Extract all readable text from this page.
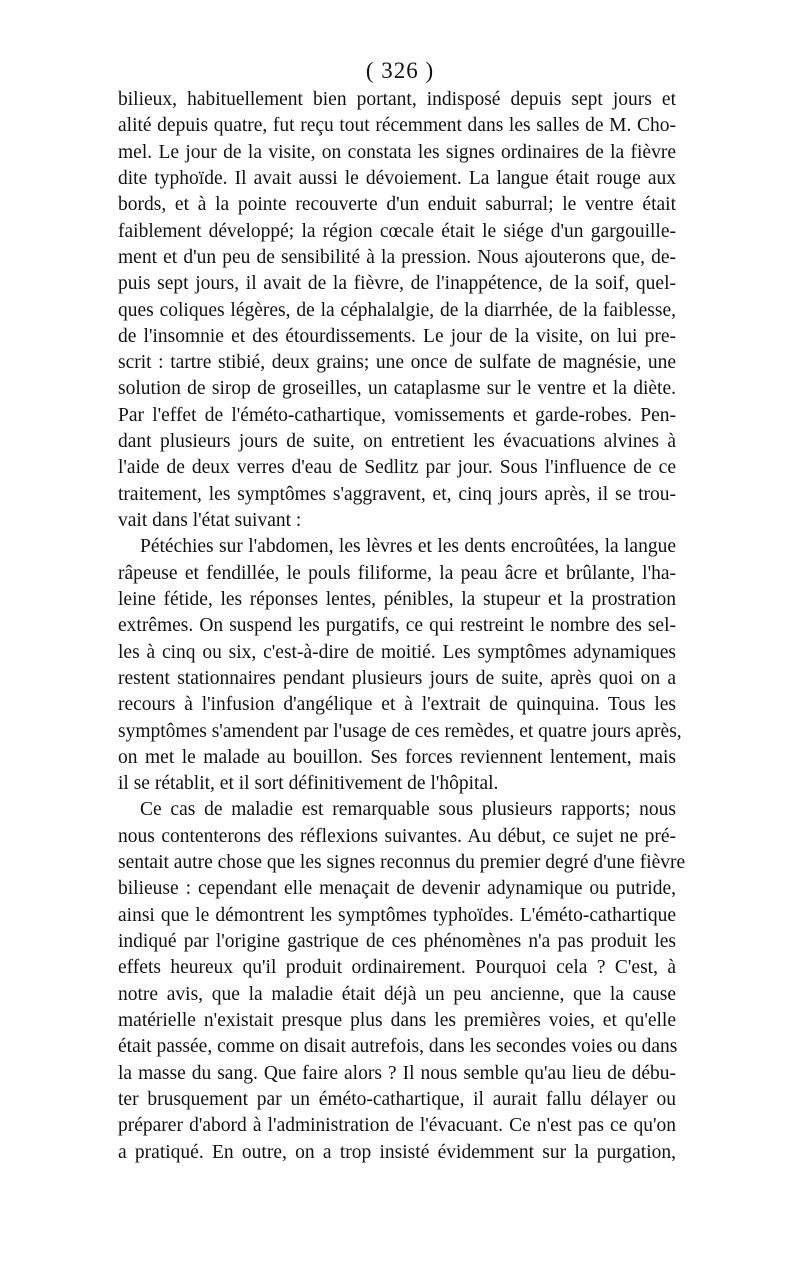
( 326 )
bilieux, habituellement bien portant, indisposé depuis sept jours et
alité depuis quatre, fut reçu tout récemment dans les salles de M. Cho-
mel. Le jour de la visite, on constata les signes ordinaires de la fièvre
dite typhoïde. Il avait aussi le dévoiement. La langue était rouge aux
bords, et à la pointe recouverte d'un enduit saburral; le ventre était
faiblement développé; la région cœcale était le siége d'un gargouille-
ment et d'un peu de sensibilité à la pression. Nous ajouterons que, de-
puis sept jours, il avait de la fièvre, de l'inappétence, de la soif, quel-
ques coliques légères, de la céphalalgie, de la diarrhée, de la faiblesse,
de l'insomnie et des étourdissements. Le jour de la visite, on lui pre-
scrit : tartre stibié, deux grains; une once de sulfate de magnésie, une
solution de sirop de groseilles, un cataplasme sur le ventre et la diète.
Par l'effet de l'éméto-cathartique, vomissements et garde-robes. Pen-
dant plusieurs jours de suite, on entretient les évacuations alvines à
l'aide de deux verres d'eau de Sedlitz par jour. Sous l'influence de ce
traitement, les symptômes s'aggravent, et, cinq jours après, il se trou-
vait dans l'état suivant :
Pétéchies sur l'abdomen, les lèvres et les dents encroûtées, la langue
râpeuse et fendillée, le pouls filiforme, la peau âcre et brûlante, l'ha-
leine fétide, les réponses lentes, pénibles, la stupeur et la prostration
extrêmes. On suspend les purgatifs, ce qui restreint le nombre des sel-
les à cinq ou six, c'est-à-dire de moitié. Les symptômes adynamiques
restent stationnaires pendant plusieurs jours de suite, après quoi on a
recours à l'infusion d'angélique et à l'extrait de quinquina. Tous les
symptômes s'amendent par l'usage de ces remèdes, et quatre jours après,
on met le malade au bouillon. Ses forces reviennent lentement, mais
il se rétablit, et il sort définitivement de l'hôpital.
Ce cas de maladie est remarquable sous plusieurs rapports; nous
nous contenterons des réflexions suivantes. Au début, ce sujet ne pré-
sentait autre chose que les signes reconnus du premier degré d'une fièvre
bilieuse : cependant elle menaçait de devenir adynamique ou putride,
ainsi que le démontrent les symptômes typhoïdes. L'éméto-cathartique
indiqué par l'origine gastrique de ces phénomènes n'a pas produit les
effets heureux qu'il produit ordinairement. Pourquoi cela ? C'est, à
notre avis, que la maladie était déjà un peu ancienne, que la cause
matérielle n'existait presque plus dans les premières voies, et qu'elle
était passée, comme on disait autrefois, dans les secondes voies ou dans
la masse du sang. Que faire alors ? Il nous semble qu'au lieu de débu-
ter brusquement par un éméto-cathartique, il aurait fallu délayer ou
préparer d'abord à l'administration de l'évacuant. Ce n'est pas ce qu'on
a pratiqué. En outre, on a trop insisté évidemment sur la purgation,
